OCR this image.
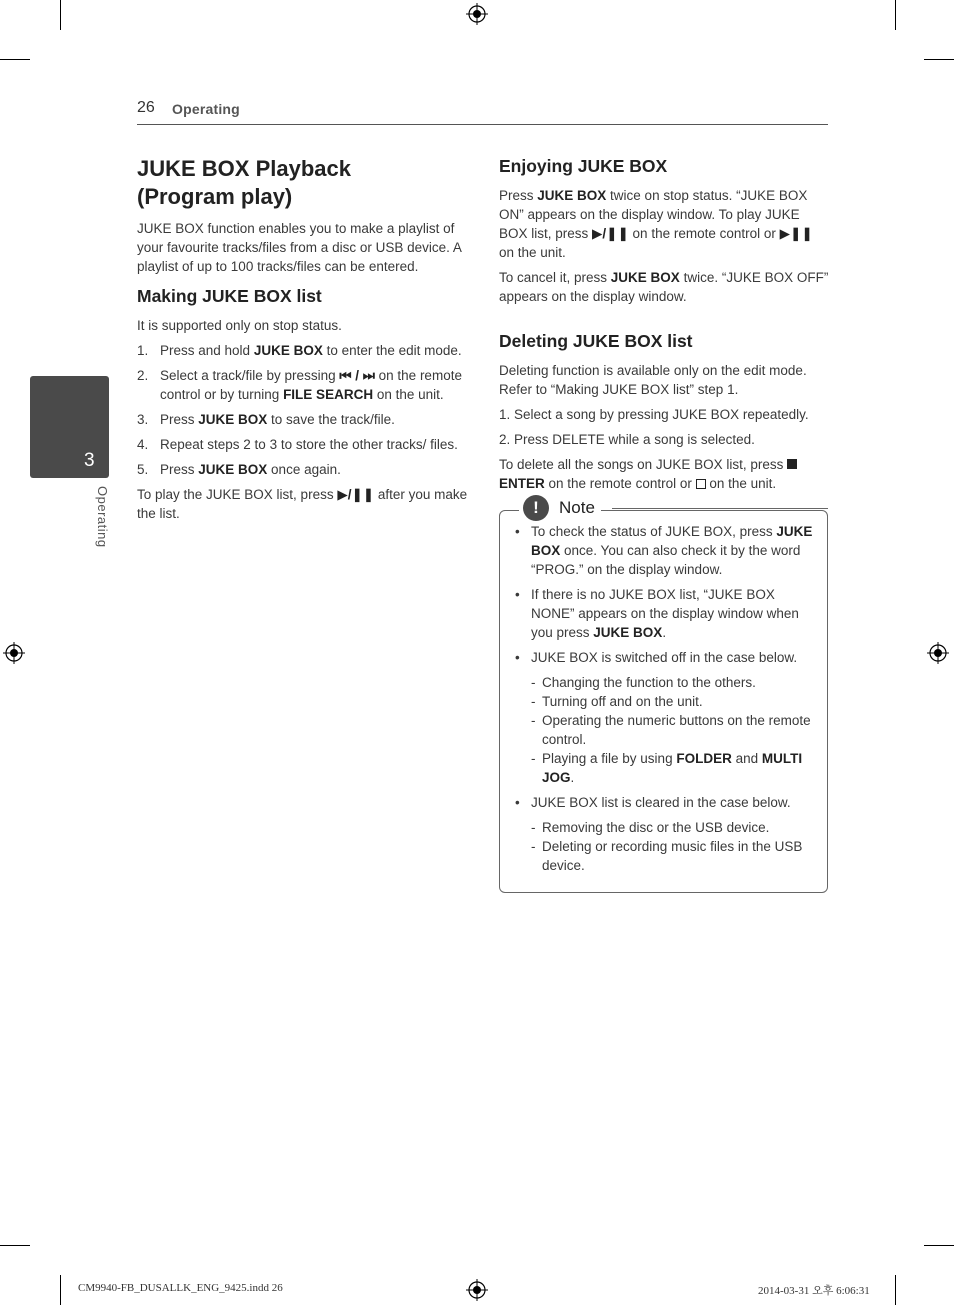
26 Operating
3
Operating
JUKE BOX Playback
(Program play)

JUKE BOX function enables you to make a playlist of your favourite tracks/files from a disc or USB device. A playlist of up to 100 tracks/files can be entered.

Making JUKE BOX list

It is supported only on stop status.

1. Press and hold JUKE BOX to enter the edit mode.
2. Select a track/file by pressing ⏮ / ⏭ on the remote control or by turning FILE SEARCH on the unit.
3. Press JUKE BOX to save the track/file.
4. Repeat steps 2 to 3 to store the other tracks/ files.
5. Press JUKE BOX once again.

To play the JUKE BOX list, press ▶/❚❚ after you make the list.

Enjoying JUKE BOX

Press JUKE BOX twice on stop status. “JUKE BOX ON” appears on the display window. To play JUKE BOX list, press ▶/❚❚ on the remote control or ▶❚❚ on the unit.

To cancel it, press JUKE BOX twice. “JUKE BOX OFF” appears on the display window.

Deleting JUKE BOX list

Deleting function is available only on the edit mode. Refer to “Making JUKE BOX list” step 1.

1. Select a song by pressing JUKE BOX repeatedly.

2. Press DELETE while a song is selected.

To delete all the songs on JUKE BOX list, press
ENTER on the remote control or  on the unit.

!	Note
• To check the status of JUKE BOX, press JUKE BOX once. You can also check it by the word “PROG.” on the display window.
• If there is no JUKE BOX list, “JUKE BOX NONE” appears on the display window when you press JUKE BOX.
• JUKE BOX is switched off in the case below.
- Changing the function to the others.
- Turning off and on the unit.
- Operating the numeric buttons on the remote control.
- Playing a file by using FOLDER and MULTI JOG.
• JUKE BOX list is cleared in the case below.
- Removing the disc or the USB device.
- Deleting or recording music files in the USB device.
CM9940-FB_DUSALLK_ENG_9425.indd 26	2014-03-31 오후 6:06:31
